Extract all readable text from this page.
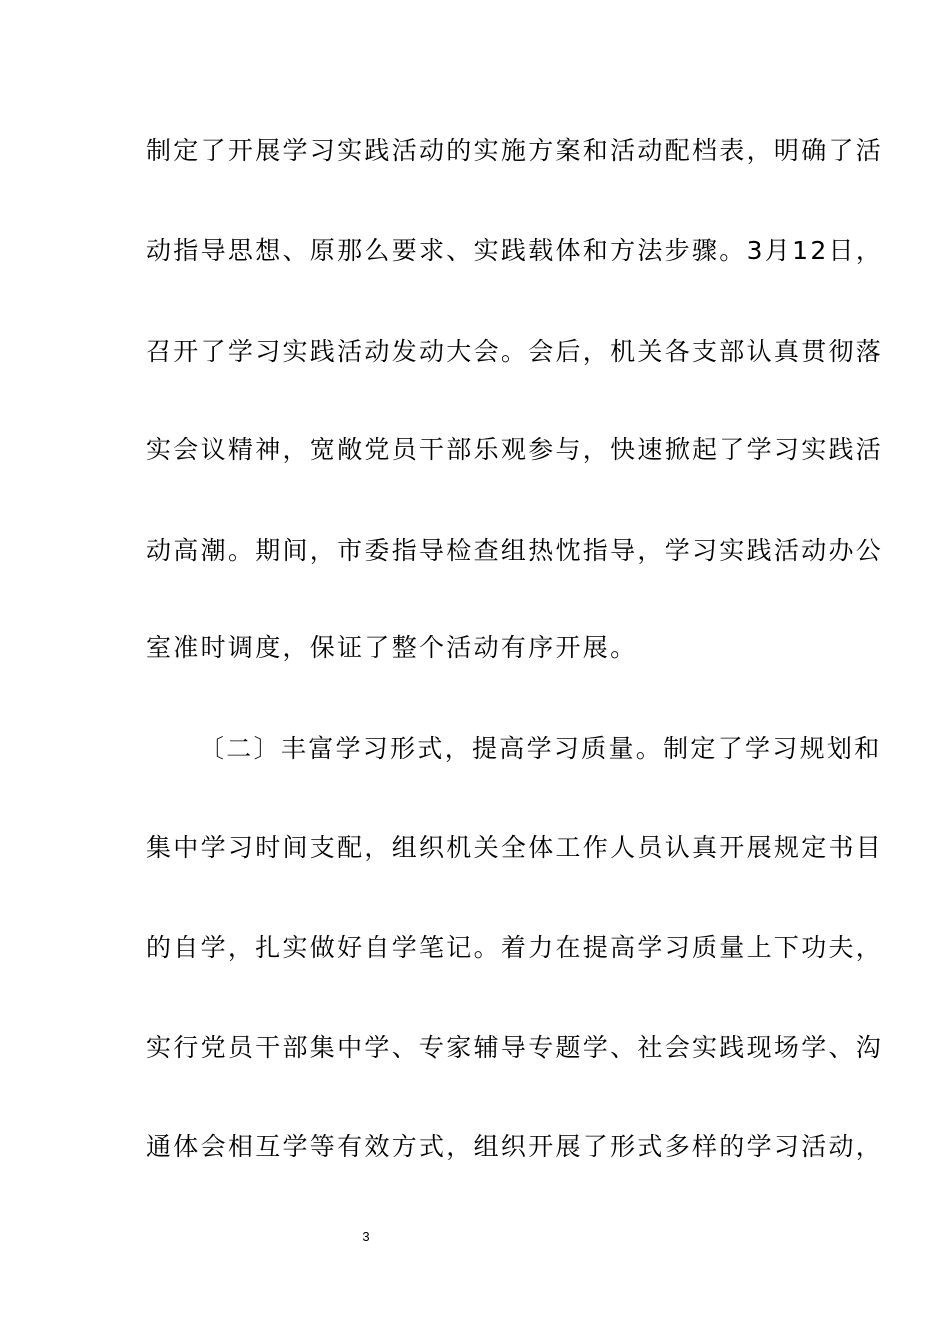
制定了开展学习实践活动的实施方案和活动配档表，明确了活
动指导思想、原那么要求、实践载体和方法步骤。3月12日，
召开了学习实践活动发动大会。会后，机关各支部认真贯彻落
实会议精神，宽敞党员干部乐观参与，快速掀起了学习实践活
动高潮。期间，市委指导检查组热忱指导，学习实践活动办公
室准时调度，保证了整个活动有序开展。
〔二〕丰富学习形式，提高学习质量。制定了学习规划和
集中学习时间支配，组织机关全体工作人员认真开展规定书目
的自学，扎实做好自学笔记。着力在提高学习质量上下功夫，
实行党员干部集中学、专家辅导专题学、社会实践现场学、沟
通体会相互学等有效方式，组织开展了形式多样的学习活动，
3
